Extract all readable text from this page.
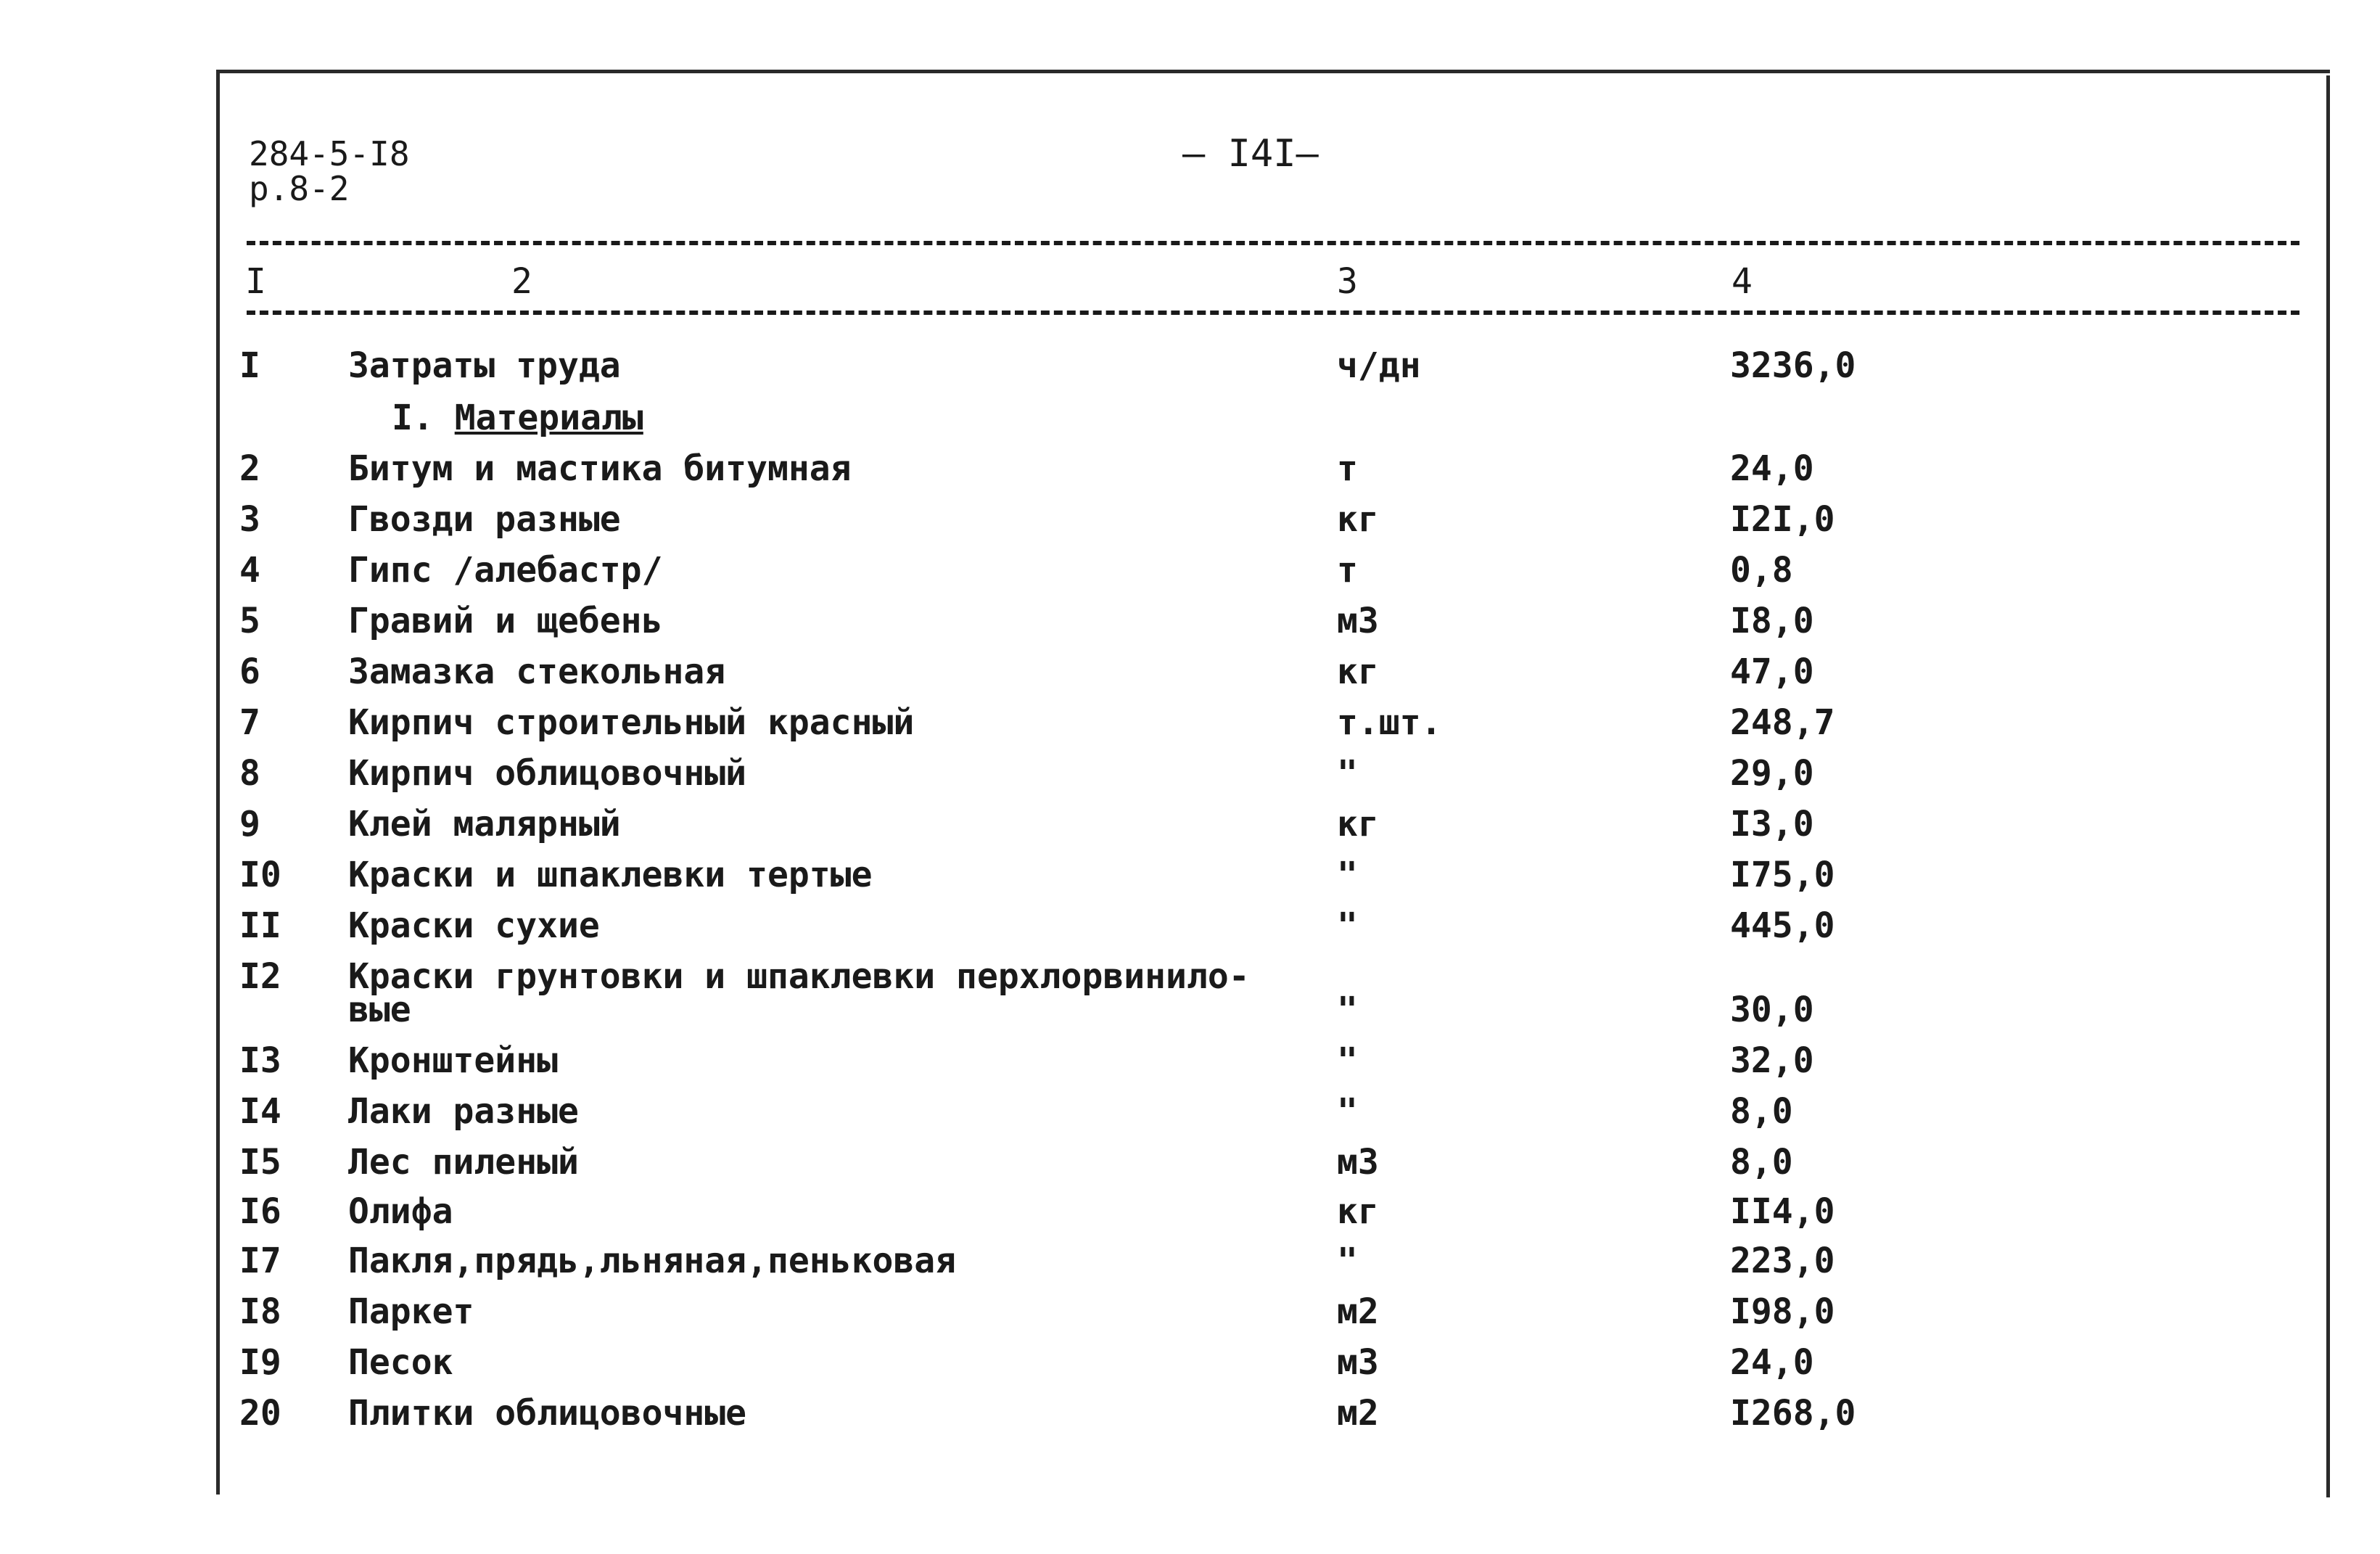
284-5-I8
р.8-2
— I4I—
I	2	3	4
I. Материалы
I	Затраты труда	ч/дн	3236,0
2	Битум и мастика битумная	т	24,0
3	Гвозди разные	кг	I2I,0
4	Гипс /алебастр/	т	0,8
5	Гравий и щебень	м3	I8,0
6	Замазка стекольная	кг	47,0
7	Кирпич строительный красный	т.шт.	248,7
8	Кирпич облицовочный	"	29,0
9	Клей малярный	кг	I3,0
I0 Краски и шпаклевки тертые	"	I75,0
II Краски сухие	"	445,0
I2 Краски грунтовки и шпаклевки перхлорвинило-
вые	"	30,0
I3 Кронштейны	"	32,0
I4 Лаки разные	"	8,0
I5 Лес пиленый	м3	8,0
I6 Олифа	кг	II4,0
I7 Пакля,прядь,льняная,пеньковая	"	223,0
I8 Паркет	м2	I98,0
I9 Песок	м3	24,0
20 Плитки облицовочные	м2	I268,0
